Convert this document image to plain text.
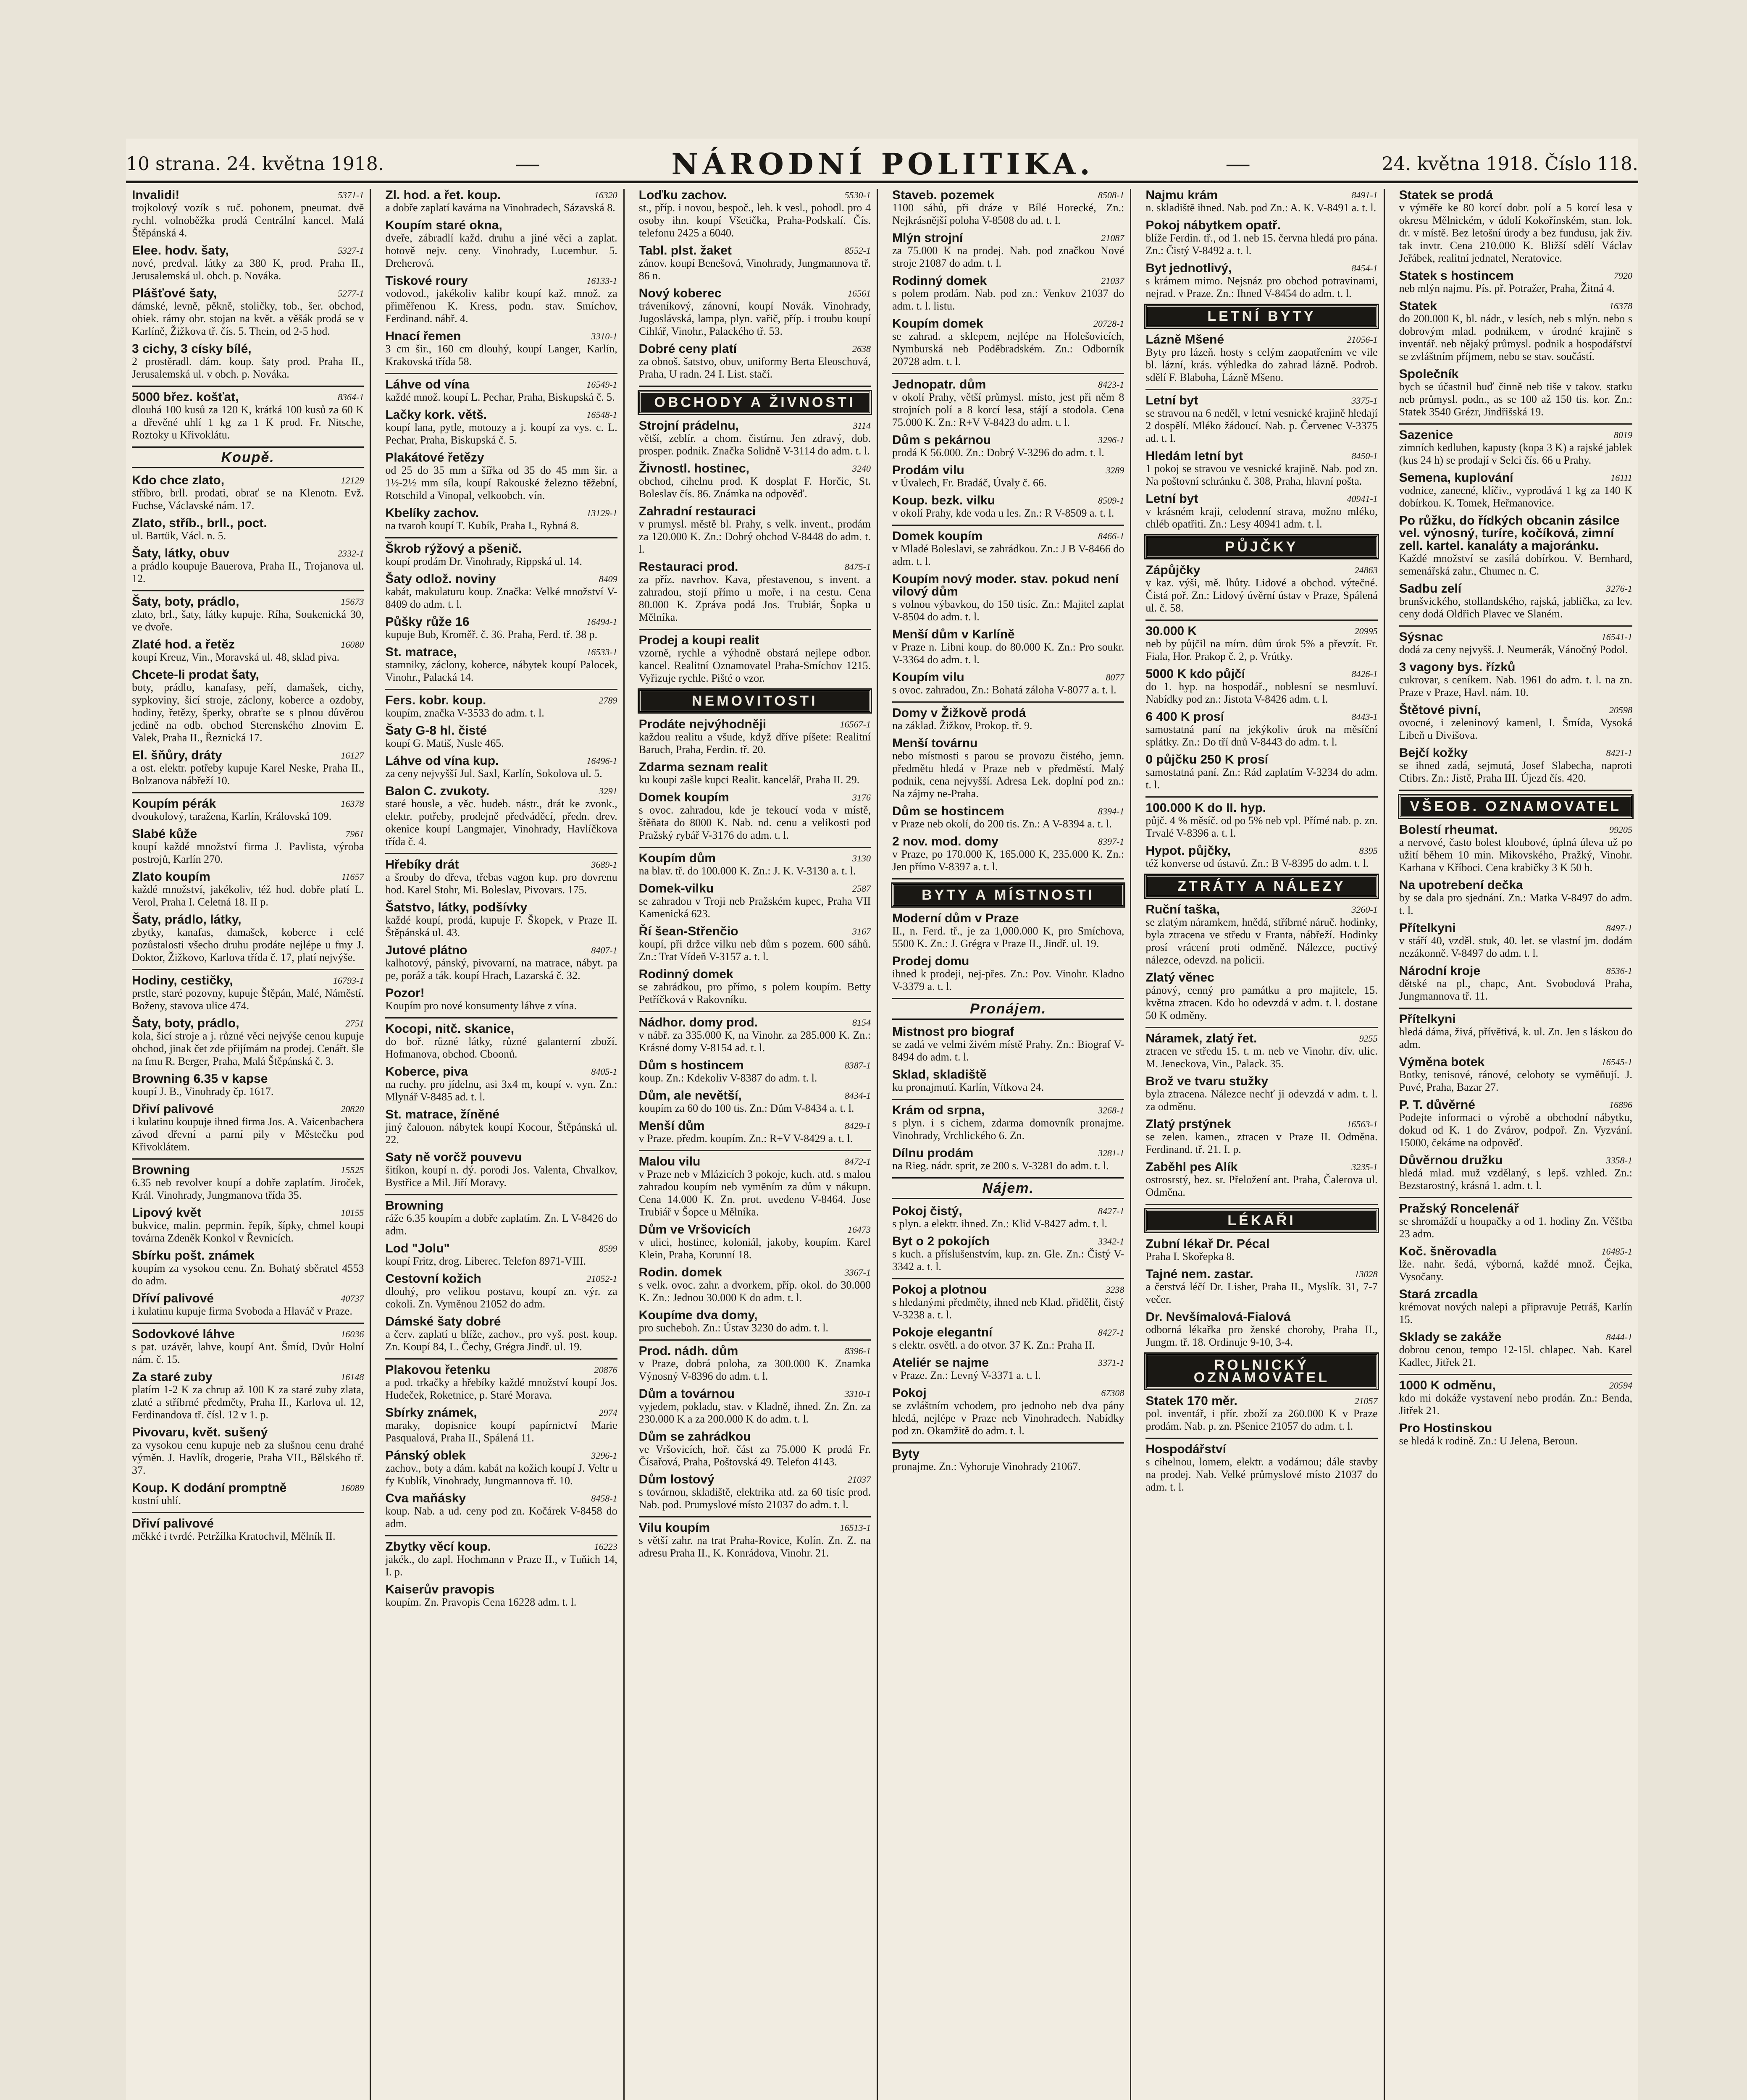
10 strana. 24. května 1918.	—	NÁRODNÍ POLITIKA.	—	24. května 1918. Číslo 118.
5371-1
Invalidi!
trojkolový vozík s ruč. pohonem, pneumat. dvě rychl. volnoběžka prodá Centrální kancel. Malá Štěpánská 4.
5327-1
Elee. hodv. šaty,
nové, predval. látky za 380 K, prod. Praha II., Jerusalemská ul. obch. p. Nováka.
5277-1
Plášťové šaty,
dámské, levně, pěkně, stoličky, tob., šer. obchod, obiek. rámy obr. stojan na květ. a věšák prodá se v Karlíně, Žižkova tř. čís. 5. Thein, od 2-5 hod.
3 cichy, 3 císky bílé,
2 prostěradl. dám. koup. šaty prod. Praha II., Jerusalemská ul. v obch. p. Nováka.
8364-1
5000 břez. košťat,
dlouhá 100 kusů za 120 K, krátká 100 kusů za 60 K a dřevěné uhlí 1 kg za 1 K prod. Fr. Nitsche, Roztoky u Křivoklátu.
Koupě.
12129
Kdo chce zlato,
stříbro, brll. prodati, obrať se na Klenotn. Evž. Fuchse, Václavské nám. 17.
Zlato, stříb., brll., poct.
ul. Bartük, Václ. n. 5.
2332-1
Šaty, látky, obuv
a prádlo koupuje Bauerova, Praha II., Trojanova ul. 12.
15673
Šaty, boty, prádlo,
zlato, brl., šaty, látky kupuje. Ríha, Soukenická 30, ve dvoře.
16080
Zlaté hod. a řetěz
koupí Kreuz, Vin., Moravská ul. 48, sklad piva.
Chcete-li prodat šaty,
boty, prádlo, kanafasy, peří, damašek, cichy, sypkoviny, šicí stroje, záclony, koberce a ozdoby, hodiny, řetězy, šperky, obraťte se s plnou důvěrou jedině na odb. obchod Sterenského zlnovim E. Valek, Praha II., Řeznická 17.
16127
El. šňůry, dráty
a ost. elektr. potřeby kupuje Karel Neske, Praha II., Bolzanova nábřeží 10.
16378
Koupím pérák
dvoukolový, taražena, Karlín, Královská 109.
7961
Slabé kůže
koupí každé množství firma J. Pavlista, výroba postrojů, Karlín 270.
11657
Zlato koupím
každé množství, jakékoliv, též hod. dobře platí L. Verol, Praha I. Celetná 18. II p.
Šaty, prádlo, látky,
zbytky, kanafas, damašek, koberce i celé pozůstalosti všecho druhu prodáte nejlépe u fmy J. Doktor, Žižkovo, Karlova třída č. 17, platí nejvýše.
16793-1
Hodiny, cestičky,
prstle, staré pozovny, kupuje Štěpán, Malé, Náměstí. Boženy, stavova ulice 474.
2751
Šaty, boty, prádlo,
kola, šicí stroje a j. různé věci nejvýše cenou kupuje obchod, jinak čet zde přijímám na prodej. Cenářt. šle na fmu R. Berger, Praha, Malá Štěpánská č. 3.
Browning 6.35 v kapse
koupí J. B., Vinohrady čp. 1617.
20820
Dřiví palivové
i kulatinu koupuje ihned firma Jos. A. Vaicenbachera závod dřevní a parní pily v Městečku pod Křivoklátem.
15525
Browning
6.35 neb revolver koupí a dobře zaplatím. Jiroček, Král. Vinohrady, Jungmanova třída 35.
10155
Lipový květ
bukvice, malin. peprmin. řepík, šípky, chmel koupi továrna Zdeněk Konkol v Řevnicích.
Sbírku pošt. známek
koupím za vysokou cenu. Zn. Bohatý sběratel 4553 do adm.
40737
Dříví palivové
i kulatinu kupuje firma Svoboda a Hlaváč v Praze.
16036
Sodovkové láhve
s pat. uzávěr, lahve, koupí Ant. Šmíd, Dvůr Holní nám. č. 15.
16148
Za staré zuby
platím 1-2 K za chrup až 100 K za staré zuby zlata, zlaté a stříbrné předměty, Praha II., Karlova ul. 12, Ferdinandova tř. čísl. 12 v 1. p.
Pivovaru, květ. sušený
za vysokou cenu kupuje neb za slušnou cenu drahé výměn. J. Havlík, drogerie, Praha VII., Bělského tř. 37.
16089
Koup. K dodání promptně
kostní uhlí.
Dřiví palivové
měkké i tvrdé. Petržílka Kratochvil, Mělník II.
16320
Zl. hod. a řet. koup.
a dobře zaplatí kavárna na Vinohradech, Sázavská 8.
Koupím staré okna,
dveře, zábradlí každ. druhu a jiné věci a zaplat. hotově nejv. ceny. Vinohrady, Lucembur. 5. Dreherová.
16133-1
Tiskové roury
vodovod., jakékoliv kalibr koupí kaž. množ. za přiměřenou K. Kress, podn. stav. Smíchov, Ferdinand. nábř. 4.
3310-1
Hnací řemen
3 cm šir., 160 cm dlouhý, koupí Langer, Karlín, Krakovská třída 58.
16549-1
Láhve od vína
každé množ. koupí L. Pechar, Praha, Biskupská č. 5.
16548-1
Lačky kork. větš.
koupí lana, pytle, motouzy a j. koupí za vys. c. L. Pechar, Praha, Biskupská č. 5.
Plakátové řetězy
od 25 do 35 mm a šířka od 35 do 45 mm šir. a 1½-2½ mm síla, koupí Rakouské železno těžební, Rotschild a Vinopal, velkoobch. vín.
13129-1
Kbelíky zachov.
na tvaroh koupí T. Kubík, Praha I., Rybná 8.
Škrob rýžový a pšenič.
koupí prodám Dr. Vinohrady, Rippská ul. 14.
8409
Šaty odlož. noviny
kabát, makulaturu koup. Značka: Velké množství V-8409 do adm. t. l.
16494-1
Půšky růže 16
kupuje Bub, Kroměř. č. 36. Praha, Ferd. tř. 38 p.
16533-1
St. matrace,
stamniky, záclony, koberce, nábytek koupí Palocek, Vinohr., Palacká 14.
2789
Fers. kobr. koup.
koupím, značka V-3533 do adm. t. l.
Šaty G-8 hl. čisté
koupí G. Matiš, Nusle 465.
16496-1
Láhve od vína kup.
za ceny nejvyšší Jul. Saxl, Karlín, Sokolova ul. 5.
3291
Balon C. zvukoty.
staré housle, a věc. hudeb. nástr., drát ke zvonk., elektr. potřeby, prodejně předváděcí, předn. drev. okenice koupí Langmajer, Vinohrady, Havlíčkova třída č. 4.
3689-1
Hřebíky drát
a šrouby do dřeva, třebas vagon kup. pro dovrenu hod. Karel Stohr, Mi. Boleslav, Pivovars. 175.
Šatstvo, látky, podšívky
každé koupí, prodá, kupuje F. Škopek, v Praze II. Štěpánská ul. 43.
8407-1
Jutové plátno
kalhotový, pánský, pivovarní, na matrace, nábyt. pa pe, poráž a ták. koupí Hrach, Lazarská č. 32.
Pozor!
Koupím pro nové konsumenty láhve z vína.
Kocopi, nitč. skanice,
do boř. různé látky, různé galanterní zboží. Hofmanova, obchod. Cboonů.
8405-1
Koberce, piva
na ruchy. pro jídelnu, asi 3x4 m, koupí v. vyn. Zn.: Mlynář V-8485 ad. t. l.
St. matrace, žíněné
jiný čalouon. nábytek koupí Kocour, Štěpánská ul. 22.
Saty ně vorčž pouvevu
šitíkon, koupí n. dý. porodi Jos. Valenta, Chvalkov, Bystřice a Mil. Jiří Moravy.
Browning
ráže 6.35 koupím a dobře zaplatím. Zn. L V-8426 do adm.
8599
Lod "Jolu"
koupí Fritz, drog. Liberec. Telefon 8971-VIII.
21052-1
Cestovní kožich
dlouhý, pro velikou postavu, koupí zn. výr. za cokoli. Zn. Vyměnou 21052 do adm.
Dámské šaty dobré
a červ. zaplatí u blíže, zachov., pro vyš. post. koup. Zn. Koupí 84, L. Čechy, Grégra Jindř. ul. 19.
20876
Plakovou řetenku
a pod. trkačky a hřebíky každé množství koupí Jos. Hudeček, Roketnice, p. Staré Morava.
2974
Sbírky známek,
maraky, dopisnice koupí papírnictví Marie Pasqualová, Praha II., Spálená 11.
3296-1
Pánský oblek
zachov., boty a dám. kabát na kožich koupí J. Veltr u fy Kublík, Vinohrady, Jungmannova tř. 10.
8458-1
Cva maňásky
koup. Nab. a ud. ceny pod zn. Kočárek V-8458 do adm.
16223
Zbytky věcí koup.
jakék., do zapl. Hochmann v Praze II., v Tuňich 14, I. p.
Kaiserův pravopis
koupím. Zn. Pravopis Cena 16228 adm. t. l.
5530-1
Loďku zachov.
st., příp. i novou, bespoč., leh. k vesl., pohodl. pro 4 osoby ihn. koupí Všetička, Praha-Podskalí. Čís. telefonu 2425 a 6040.
8552-1
Tabl. plst. žaket
zánov. koupí Benešová, Vinohrady, Jungmannova tř. 86 n.
16561
Nový koberec
tráveníkový, zánovní, koupí Novák. Vinohrady, Jugoslávská, lampa, plyn. vařič, příp. i troubu koupí Cihlář, Vinohr., Palackého tř. 53.
2638
Dobré ceny platí
za obnoš. šatstvo, obuv, uniformy Berta Eleoschová, Praha, U radn. 24 I. List. stačí.
OBCHODY A ŽIVNOSTI
3114
Strojní prádelnu,
větší, zeblír. a chom. čistírnu. Jen zdravý, dob. prosper. podnik. Značka Solidně V-3114 do adm. t. l.
3240
Živnostl. hostinec,
obchod, cihelnu prod. K dosplat F. Horčic, St. Boleslav čís. 86. Známka na odpověď.
Zahradní restauraci
v prumysl. městě bl. Prahy, s velk. invent., prodám za 120.000 K. Zn.: Dobrý obchod V-8448 do adm. t. l.
8475-1
Restauraci prod.
za příz. navrhov. Kava, přestavenou, s invent. a zahradou, stojí přímo u moře, i na cestu. Cena 80.000 K. Zpráva podá Jos. Trubiár, Šopka u Mělníka.
Prodej a koupi realit
vzorně, rychle a výhodně obstará nejlepe odbor. kancel. Realitní Oznamovatel Praha-Smíchov 1215. Vyřizuje rychle. Pišté o vzor.
NEMOVITOSTI
16567-1
Prodáte nejvýhodněji
každou realitu a všude, když dříve píšete: Realitní Baruch, Praha, Ferdin. tř. 20.
Zdarma seznam realit
ku koupi zašle kupci Realit. kancelář, Praha II. 29.
3176
Domek koupím
s ovoc. zahradou, kde je tekoucí voda v místě, štěňata do 8000 K. Nab. nd. cenu a velikosti pod Pražský rybář V-3176 do adm. t. l.
3130
Koupím dům
na blav. tř. do 100.000 K. Zn.: J. K. V-3130 a. t. l.
2587
Domek-vilku
se zahradou v Troji neb Pražském kupec, Praha VII Kamenická 623.
3167
Ří šean-Střenčio
koupí, při držce vilku neb dům s pozem. 600 sáhů. Zn.: Trat Vídeň V-3157 a. t. l.
Rodinný domek
se zahrádkou, pro přímo, s polem koupím. Betty Petříčková v Rakovníku.
8154
Nádhor. domy prod.
v nábř. za 335.000 K, na Vinohr. za 285.000 K. Zn.: Krásné domy V-8154 ad. t. l.
8387-1
Dům s hostincem
koup. Zn.: Kdekoliv V-8387 do adm. t. l.
8434-1
Dům, ale nevětší,
koupím za 60 do 100 tis. Zn.: Dům V-8434 a. t. l.
8429-1
Menší dům
v Praze. předm. koupím. Zn.: R+V V-8429 a. t. l.
8472-1
Malou vilu
v Praze neb v Mlázicích 3 pokoje, kuch. atd. s malou zahradou koupím neb vyměním za dům v nákupn. Cena 14.000 K. Zn. prot. uvedeno V-8464. Jose Trubiář v Šopce u Mělníka.
16473
Dům ve Vršovicích
v ulici, hostinec, koloniál, jakoby, koupím. Karel Klein, Praha, Korunní 18.
3367-1
Rodin. domek
s velk. ovoc. zahr. a dvorkem, příp. okol. do 30.000 K. Zn.: Jednou 30.000 K do adm. t. l.
Koupíme dva domy,
pro sucheboh. Zn.: Ústav 3230 do adm. t. l.
8396-1
Prod. nádh. dům
v Praze, dobrá poloha, za 300.000 K. Znamka Výnosný V-8396 do adm. t. l.
3310-1
Dům a továrnou
vyjedem, pokladu, stav. v Kladně, ihned. Zn. Zn. za 230.000 K a za 200.000 K do adm. t. l.
Dům se zahrádkou
ve Vršovicích, hoř. část za 75.000 K prodá Fr. Čísařová, Praha, Poštovská 49. Telefon 4143.
21037
Dům lostový
s továrnou, skladiště, elektrika atd. za 60 tisíc prod. Nab. pod. Prumyslové místo 21037 do adm. t. l.
16513-1
Vilu koupím
s větší zahr. na trat Praha-Rovice, Kolín. Zn. Z. na adresu Praha II., K. Konrádova, Vinohr. 21.
8508-1
Staveb. pozemek
1100 sáhů, při dráze v Bílé Horecké, Zn.: Nejkrásnější poloha V-8508 do ad. t. l.
21087
Mlýn strojní
za 75.000 K na prodej. Nab. pod značkou Nové stroje 21087 do adm. t. l.
21037
Rodinný domek
s polem prodám. Nab. pod zn.: Venkov 21037 do adm. t. l. listu.
20728-1
Koupím domek
se zahrad. a sklepem, nejlépe na Holešovicích, Nymburská neb Poděbradském. Zn.: Odborník 20728 adm. t. l.
8423-1
Jednopatr. dům
v okolí Prahy, větší průmysl. místo, jest při něm 8 strojních polí a 8 korcí lesa, stájí a stodola. Cena 75.000 K. Zn.: R+V V-8423 do adm. t. l.
3296-1
Dům s pekárnou
prodá K 56.000. Zn.: Dobrý V-3296 do adm. t. l.
3289
Prodám vilu
v Úvalech, Fr. Bradáč, Úvaly č. 66.
8509-1
Koup. bezk. vilku
v okolí Prahy, kde voda u les. Zn.: R V-8509 a. t. l.
8466-1
Domek koupím
v Mladé Boleslavi, se zahrádkou. Zn.: J B V-8466 do adm. t. l.
Koupím nový moder. stav. pokud není vilový dům
s volnou výbavkou, do 150 tisíc. Zn.: Majitel zaplat V-8504 do adm. t. l.
Menší dům v Karlíně
v Praze n. Libni koup. do 80.000 K. Zn.: Pro soukr. V-3364 do adm. t. l.
8077
Koupím vilu
s ovoc. zahradou, Zn.: Bohatá záloha V-8077 a. t. l.
Domy v Žižkově prodá
na základ. Žižkov, Prokop. tř. 9.
Menší továrnu
nebo místnosti s parou se provozu čistého, jemn. předmětu hledá v Praze neb v předměstí. Malý podnik, cena nejvyšší. Adresa Lek. doplní pod zn.: Na zájmy ne-Praha.
8394-1
Dům se hostincem
v Praze neb okolí, do 200 tis. Zn.: A V-8394 a. t. l.
8397-1
2 nov. mod. domy
v Praze, po 170.000 K, 165.000 K, 235.000 K. Zn.: Jen přímo V-8397 a. t. l.
BYTY A MÍSTNOSTI
Moderní dům v Praze
II., n. Ferd. tř., je za 1,000.000 K, pro Smíchova, 5500 K. Zn.: J. Grégra v Praze II., Jindř. ul. 19.
Prodej domu
ihned k prodeji, nej-přes. Zn.: Pov. Vinohr. Kladno V-3379 a. t. l.
Pronájem.
Mistnost pro biograf
se zadá ve velmi živém místě Prahy. Zn.: Biograf V-8494 do adm. t. l.
Sklad, skladiště
ku pronajmutí. Karlín, Vítkova 24.
3268-1
Krám od srpna,
s plyn. i s cichem, zdarma domovník pronajme. Vinohrady, Vrchlického 6. Zn.
3281-1
Dílnu prodám
na Rieg. nádr. sprit, ze 200 s. V-3281 do adm. t. l.
Nájem.
8427-1
Pokoj čistý,
s plyn. a elektr. ihned. Zn.: Klid V-8427 adm. t. l.
3342-1
Byt o 2 pokojích
s kuch. a příslušenstvím, kup. zn. Gle. Zn.: Čistý V-3342 a. t. l.
3238
Pokoj a plotnou
s hledanými předměty, ihned neb Klad. přidělit, čistý V-3238 a. t. l.
8427-1
Pokoje elegantní
s elektr. osvětl. a do otvor. 37 K. Zn.: Praha II.
3371-1
Ateliér se najme
v Praze. Zn.: Levný V-3371 a. t. l.
67308
Pokoj
se zvláštním vchodem, pro jednoho neb dva pány hledá, nejlépe v Praze neb Vinohradech. Nabídky pod zn. Okamžitě do adm. t. l.
Byty
pronajme. Zn.: Vyhoruje Vinohrady 21067.
8491-1
Najmu krám
n. skladiště ihned. Nab. pod Zn.: A. K. V-8491 a. t. l.
Pokoj nábytkem opatř.
blíže Ferdin. tř., od 1. neb 15. června hledá pro pána. Zn.: Čistý V-8492 a. t. l.
8454-1
Byt jednotlivý,
s krámem mimo. Nejsnáz pro obchod potravinami, nejrad. v Praze. Zn.: Ihned V-8454 do adm. t. l.
LETNÍ BYTY
21056-1
Lázně Mšené
Byty pro lázeň. hosty s celým zaopatřením ve vile bl. lázní, krás. výhledka do zahrad lázně. Podrob. sdělí F. Blaboha, Lázně Mšeno.
3375-1
Letní byt
se stravou na 6 neděl, v letní vesnické krajině hledají 2 dospělí. Mléko žádoucí. Nab. p. Červenec V-3375 ad. t. l.
8450-1
Hledám letní byt
1 pokoj se stravou ve vesnické krajině. Nab. pod zn. Na poštovní schránku č. 308, Praha, hlavní pošta.
40941-1
Letní byt
v krásném kraji, celodenní strava, možno mléko, chléb opatřiti. Zn.: Lesy 40941 adm. t. l.
PŮJČKY
24863
Zápůjčky
v kaz. výši, mě. lhůty. Lidové a obchod. výtečné. Čistá poř. Zn.: Lidový úvěrní ústav v Praze, Spálená ul. č. 58.
20995
30.000 K
neb by půjčil na mírn. dům úrok 5% a převzít. Fr. Fiala, Hor. Prakop č. 2, p. Vrútky.
8426-1
5000 K kdo půjčí
do 1. hyp. na hospodář., noblesní se nesmluví. Nabídky pod zn.: Jistota V-8426 adm. t. l.
8443-1
6 400 K prosí
samostatná paní na jekýkoliv úrok na měsíční splátky. Zn.: Do tří dnů V-8443 do adm. t. l.
0 půjčku 250 K prosí
samostatná paní. Zn.: Rád zaplatím V-3234 do adm. t. l.
100.000 K do II. hyp.
půjč. 4 % měsíč. od po 5% neb vpl. Přímé nab. p. zn. Trvalé V-8396 a. t. l.
8395
Hypot. půjčky,
též konverse od ústavů. Zn.: B V-8395 do adm. t. l.
ZTRÁTY A NÁLEZY
3260-1
Ruční taška,
se zlatým náramkem, hnědá, stříbrné náruč. hodinky, byla ztracena ve středu v Franta, nábřeží. Hodinky prosí vrácení proti odměně. Nálezce, poctivý nálezce, odevzd. na policii.
Zlatý věnec
pánový, cenný pro památku a pro majitele, 15. května ztracen. Kdo ho odevzdá v adm. t. l. dostane 50 K odměny.
9255
Náramek, zlatý řet.
ztracen ve středu 15. t. m. neb ve Vinohr. dív. ulic. M. Jeneckova, Vin., Palack. 35.
Brož ve tvaru stužky
byla ztracena. Nálezce nechť ji odevzdá v adm. t. l. za odměnu.
16563-1
Zlatý prstýnek
se zelen. kamen., ztracen v Praze II. Odměna. Ferdinand. tř. 21. I. p.
3235-1
Zaběhl pes Alík
ostrosrstý, bez. sr. Přeložení ant. Praha, Čalerova ul. Odměna.
LÉKAŘI
Zubní lékař Dr. Pécal
Praha I. Skořepka 8.
13028
Tajné nem. zastar.
a čerstvá léčí Dr. Lisher, Praha II., Myslík. 31, 7-7 večer.
Dr. Nevšímalová-Fialová
odborná lékařka pro ženské choroby, Praha II., Jungm. tř. 18. Ordinuje 9-10, 3-4.
ROLNICKÝ OZNAMOVATEL
21057
Statek 170 měr.
pol. inventář, i přír. zboží za 260.000 K v Praze prodám. Nab. p. zn. Pšenice 21057 do adm. t. l.
Hospodářství
s cihelnou, lomem, elektr. a vodárnou; dále stavby na prodej. Nab. Velké průmyslové místo 21037 do adm. t. l.
Statek se prodá
v výměře ke 80 korcí dobr. polí a 5 korcí lesa v okresu Mělnickém, v údolí Kokořínském, stan. lok. dr. v místě. Bez letošní úrody a bez fundusu, jak živ. tak invtr. Cena 210.000 K. Bližší sdělí Václav Jeřábek, realitní jednatel, Neratovice.
7920
Statek s hostincem
neb mlýn najmu. Pís. př. Potražer, Praha, Žitná 4.
16378
Statek
do 200.000 K, bl. nádr., v lesích, neb s mlýn. nebo s dobrovým mlad. podnikem, v úrodné krajině s inventář. neb nějaký průmysl. podnik a hospodářství se zvláštním příjmem, nebo se stav. součástí.
Společník
bych se účastnil buď činně neb tiše v takov. statku neb průmysl. podn., as se 100 až 150 tis. kor. Zn.: Statek 3540 Grézr, Jindřišská 19.
8019
Sazenice
zimních kedluben, kapusty (kopa 3 K) a rajské jablek (kus 24 h) se prodají v Selci čís. 66 u Prahy.
16111
Semena, kuplování
vodnice, zanecné, klíčiv., vyprodává 1 kg za 140 K dobírkou. K. Tomek, Heřmanovice.
Po růžku, do řídkých obcanin zásilce vel. výnosný, turíre, kočíková, zimní zell. kartel. kanaláty a majoránku.
Každé množství se zasílá dobírkou. V. Bernhard, semenářská zahr., Chumec n. C.
3276-1
Sadbu zelí
brunšvického, stollandského, rajská, jablička, za lev. ceny dodá Oldřich Plavec ve Slaném.
16541-1
Sýsnac
dodá za ceny nejvyšš. J. Neumerák, Vánočný Podol.
3 vagony bys. řízků
cukrovar, s ceníkem. Nab. 1961 do adm. t. l. na zn. Praze v Praze, Havl. nám. 10.
20598
Štětové pivní,
ovocné, i zeleninový kamenl, I. Šmída, Vysoká Libeň u Divišova.
8421-1
Bejčí kožky
se ihned zadá, sejmutá, Josef Slabecha, naproti Ctibrs. Zn.: Jistě, Praha III. Újezd čís. 420.
VŠEOB. OZNAMOVATEL
99205
Bolestí rheumat.
a nervové, často bolest kloubové, úplná úleva už po užití během 10 min. Mikovského, Pražký, Vinohr. Karhana v Kříboci. Cena krabičky 3 K 50 h.
Na upotrebení dečka
by se dala pro sjednání. Zn.: Matka V-8497 do adm. t. l.
8497-1
Přítelkyni
v stáří 40, vzděl. stuk, 40. let. se vlastní jm. dodám nezákonně. V-8497 do adm. t. l.
8536-1
Národní kroje
dětské na pl., chapc, Ant. Svobodová Praha, Jungmannova tř. 11.
Přítelkyni
hledá dáma, živá, přívětivá, k. ul. Zn. Jen s láskou do adm.
16545-1
Výměna botek
Botky, tenisové, ránové, celoboty se vyměňují. J. Puvé, Praha, Bazar 27.
16896
P. T. důvěrné
Podejte informaci o výrobě a obchodní nábytku, dokud od K. 1 do Zvárov, podpoř. Zn. Vyzvání. 15000, čekáme na odpověď.
3358-1
Důvěrnou družku
hledá mlad. muž vzdělaný, s lepš. vzhled. Zn.: Bezstarostný, krásná 1. adm. t. l.
Pražský Roncelenář
se shromáždí u houpačky a od 1. hodiny Zn. Věštba 23 adm.
16485-1
Koč. šněrovadla
lže. nahr. šedá, výborná, každé množ. Čejka, Vysočany.
Stará zrcadla
krémovat nových nalepi a připravuje Petráš, Karlín 15.
8444-1
Sklady se zakáže
dobrou cenou, tempo 12-15l. chlapec. Nab. Karel Kadlec, Jitřek 21.
20594
1000 K odměnu,
kdo mi dokáže vystavení nebo prodán. Zn.: Benda, Jitřek 21.
Pro Hostinskou
se hledá k rodině. Zn.: U Jelena, Beroun.
